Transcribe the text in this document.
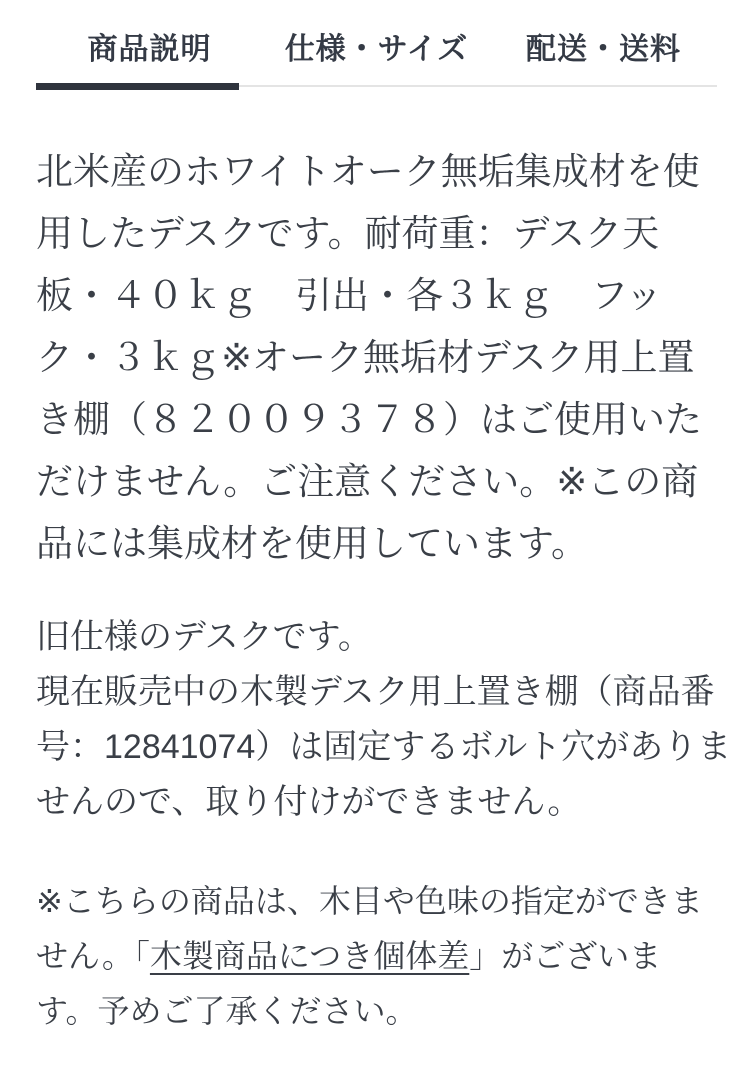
商品説明	仕様・サイズ	配送・送料
北米産のホワイトオーク無垢集成材を使
用したデスクです。耐荷重：デスク天
板・４０ｋｇ　引出・各３ｋｇ　フッ
ク・３ｋｇ※オーク無垢材デスク用上置
き棚（８２００９３７８）はご使用いた
だけません。ご注意ください。※この商
品には集成材を使用しています。
旧仕様のデスクです。
現在販売中の木製デスク用上置き棚（商品番
号：12841074）は固定するボルト穴がありま
せんので、取り付けができません。
※こちらの商品は、木目や色味の指定ができま
せん。「木製商品につき個体差」がございま
す。予めご了承ください。
